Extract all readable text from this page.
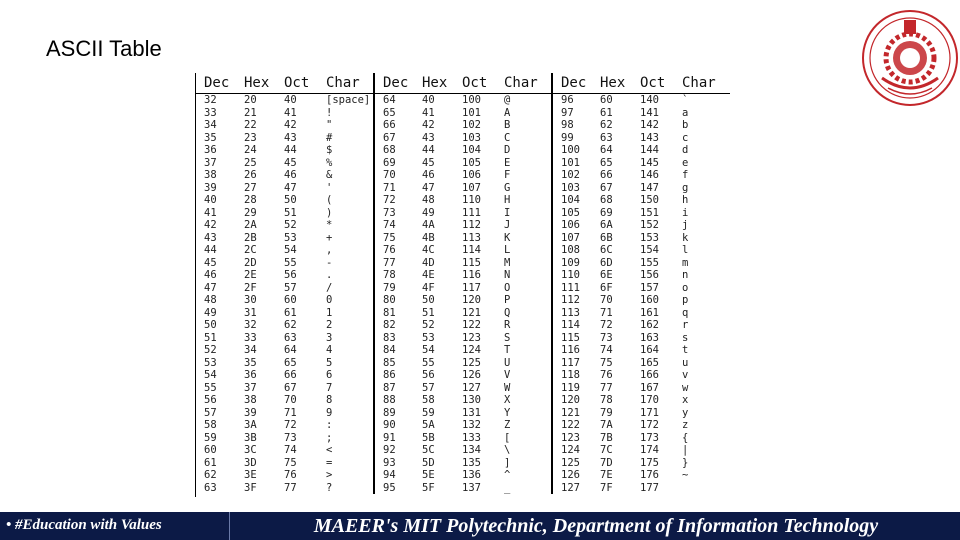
ASCII Table
Dec	Hex	Oct	Char	Dec	Hex	Oct	Char	Dec	Hex	Oct	Char
32	20	40	[space]	64	40	100	@	96	60	140	`
33	21	41	!	65	41	101	A	97	61	141	a
34	22	42	"	66	42	102	B	98	62	142	b
35	23	43	#	67	43	103	C	99	63	143	c
36	24	44	$	68	44	104	D	100	64	144	d
37	25	45	%	69	45	105	E	101	65	145	e
38	26	46	&	70	46	106	F	102	66	146	f
39	27	47	'	71	47	107	G	103	67	147	g
40	28	50	(	72	48	110	H	104	68	150	h
41	29	51	)	73	49	111	I	105	69	151	i
42	2A	52	*	74	4A	112	J	106	6A	152	j
43	2B	53	+	75	4B	113	K	107	6B	153	k
44	2C	54	,	76	4C	114	L	108	6C	154	l
45	2D	55	-	77	4D	115	M	109	6D	155	m
46	2E	56	.	78	4E	116	N	110	6E	156	n
47	2F	57	/	79	4F	117	O	111	6F	157	o
48	30	60	0	80	50	120	P	112	70	160	p
49	31	61	1	81	51	121	Q	113	71	161	q
50	32	62	2	82	52	122	R	114	72	162	r
51	33	63	3	83	53	123	S	115	73	163	s
52	34	64	4	84	54	124	T	116	74	164	t
53	35	65	5	85	55	125	U	117	75	165	u
54	36	66	6	86	56	126	V	118	76	166	v
55	37	67	7	87	57	127	W	119	77	167	w
56	38	70	8	88	58	130	X	120	78	170	x
57	39	71	9	89	59	131	Y	121	79	171	y
58	3A	72	:	90	5A	132	Z	122	7A	172	z
59	3B	73	;	91	5B	133	[	123	7B	173	{
60	3C	74	<	92	5C	134	\	124	7C	174	|
61	3D	75	=	93	5D	135	]	125	7D	175	}
62	3E	76	>	94	5E	136	^	126	7E	176	~
63	3F	77	?	95	5F	137	_	127	7F	177	
• #Education with Values	MAEER's MIT Polytechnic, Department of Information Technology
